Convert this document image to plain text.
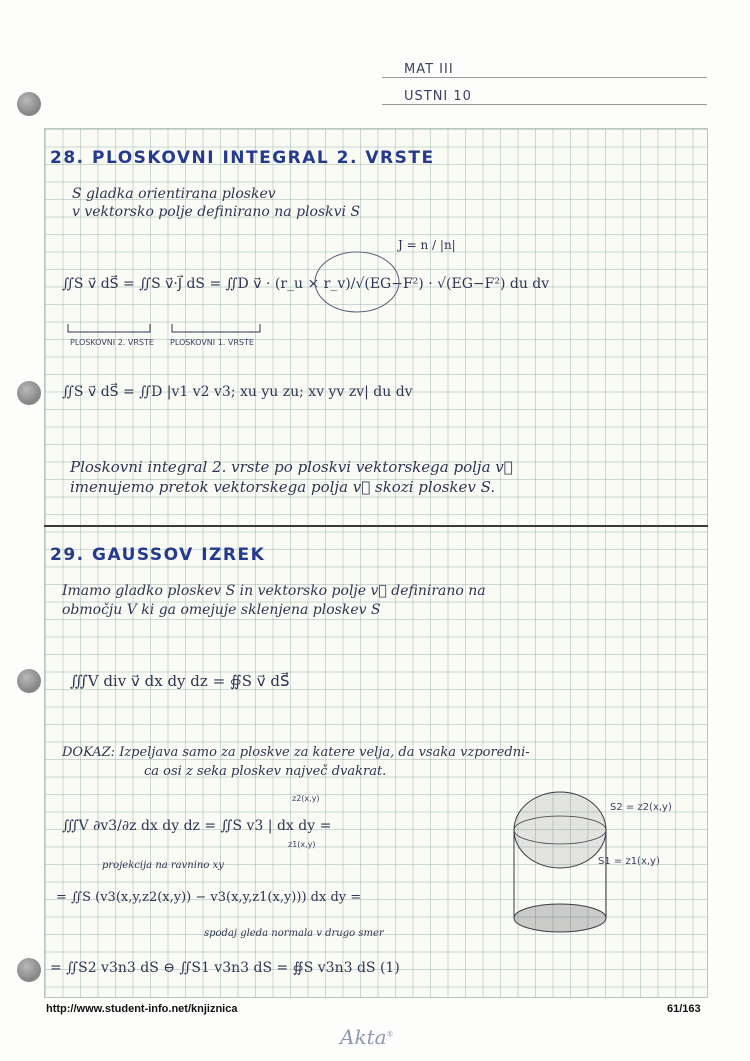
MAT III
USTNI 10
28. PLOSKOVNI INTEGRAL 2. VRSTE
S gladka orientirana ploskev
v vektorsko polje definirano na ploskvi S
J = n / |n|
∬S v⃗ dS⃗ = ∬S v⃗·J⃗ dS = ∬D v⃗ · (r_u × r_v)/√(EG−F²) · √(EG−F²) du dv
PLOSKOVNI 2. VRSTE PLOSKOVNI 1. VRSTE
∬S v⃗ dS⃗ = ∬D |v1 v2 v3; xu yu zu; xv yv zv| du dv
Ploskovni integral 2. vrste po ploskvi vektorskega polja v⃗
imenujemo pretok vektorskega polja v⃗ skozi ploskev S.
29. GAUSSOV IZREK
Imamo gladko ploskev S in vektorsko polje v⃗ definirano na
območju V ki ga omejuje sklenjena ploskev S
∭V div v⃗ dx dy dz = ∯S v⃗ dS⃗
DOKAZ: Izpeljava samo za ploskve za katere velja, da vsaka vzporedni-
ca osi z seka ploskev največ dvakrat.
∭V ∂v3/∂z dx dy dz = ∬S v3 | dx dy =
z2(x,y)
z1(x,y)
projekcija na ravnino xy
= ∬S (v3(x,y,z2(x,y)) − v3(x,y,z1(x,y))) dx dy =
spodaj gleda normala v drugo smer
= ∬S2 v3n3 dS ⊖ ∬S1 v3n3 dS = ∯S v3n3 dS (1)
S2 = z2(x,y)
S1 = z1(x,y)
http://www.student-info.net/knjiznica	61/163
Akta®
